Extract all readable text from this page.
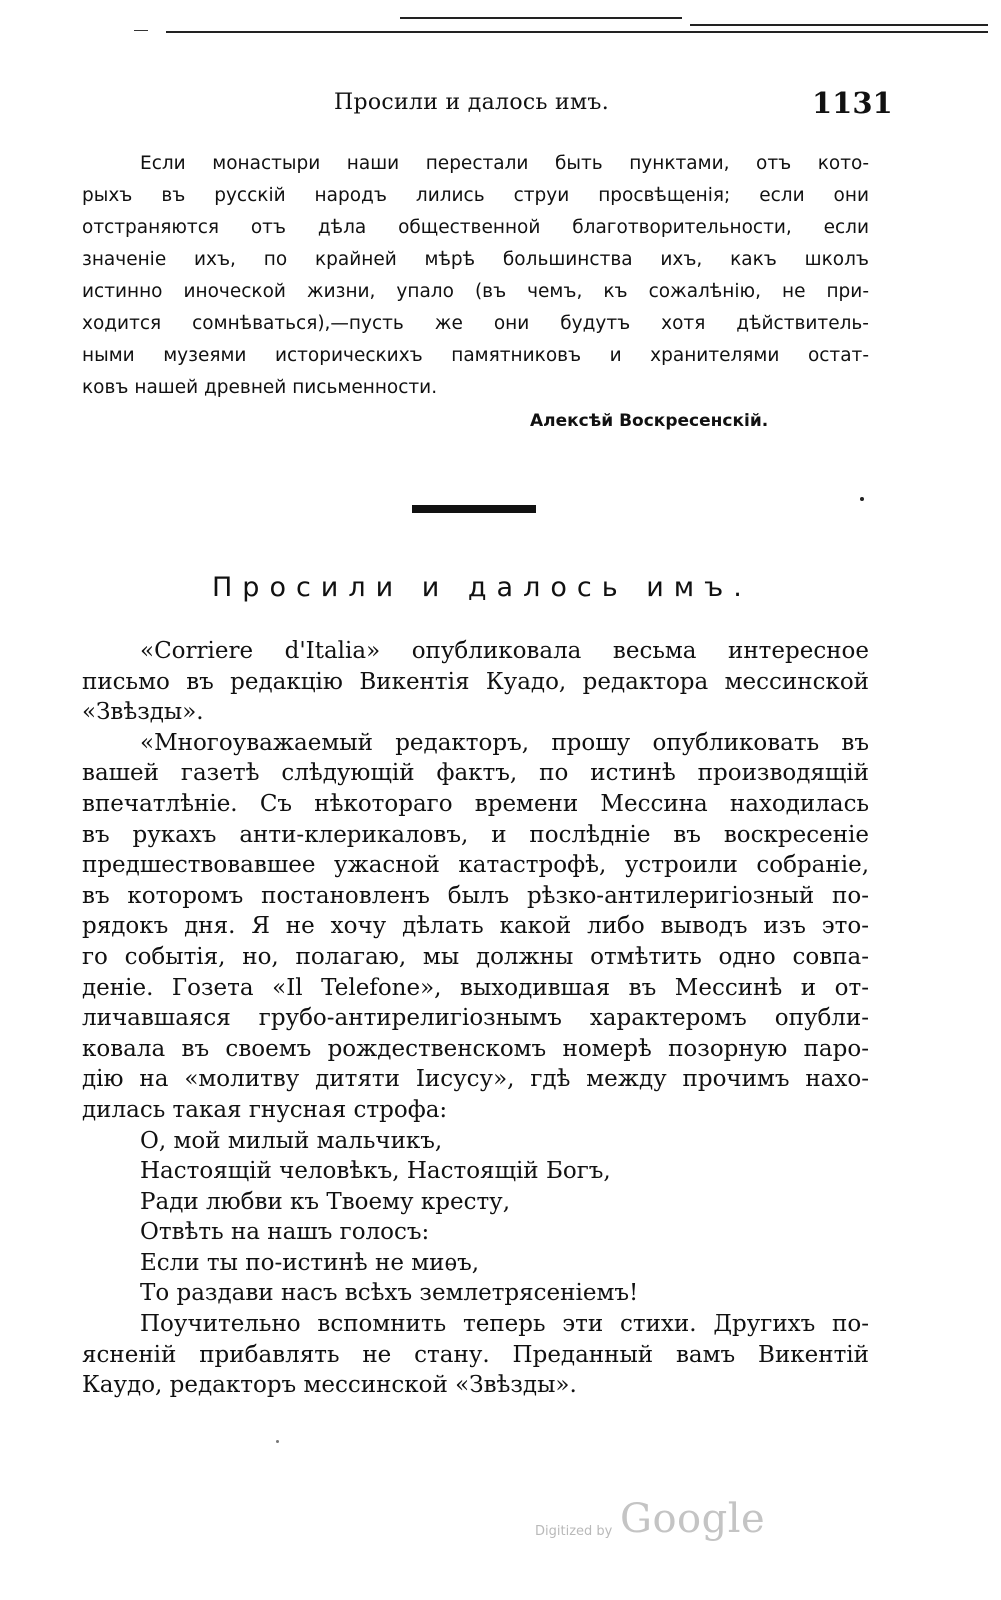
Просили и далось имъ.	1131
Если монастыри наши перестали быть пунктами, отъ кото-
рыхъ въ русскій народъ лились струи просвѣщенія; если они
отстраняются отъ дѣла общественной благотворительности, если
значеніе ихъ, по крайней мѣрѣ большинства ихъ, какъ школъ
истинно иноческой жизни, упало (въ чемъ, къ сожалѣнію, не при-
ходится сомнѣваться),—пусть же они будутъ хотя дѣйствитель-
ными музеями историческихъ памятниковъ и хранителями остат-
ковъ нашей древней письменности.
Алексѣй Воскресенскій.
Просили и далось имъ.
«Corriere d'Italia» опубликовала весьма интересное
письмо въ редакцію Викентія Куадо, редактора мессинской
«Звѣзды».
«Многоуважаемый редакторъ, прошу опубликовать въ
вашей газетѣ слѣдующій фактъ, по истинѣ производящій
впечатлѣніе. Съ нѣкотораго времени Мессина находилась
въ рукахъ анти-клерикаловъ, и послѣдніе въ воскресеніе
предшествовавшее ужасной катастрофѣ, устроили собраніе,
въ которомъ постановленъ былъ рѣзко-антилеригіозный по-
рядокъ дня. Я не хочу дѣлать какой либо выводъ изъ это-
го событія, но, полагаю, мы должны отмѣтить одно совпа-
деніе. Гозета «Il Telefone», выходившая въ Мессинѣ и от-
личавшаяся грубо-антирелигіознымъ характеромъ опубли-
ковала въ своемъ рождественскомъ номерѣ позорную паро-
дію на «молитву дитяти Іисусу», гдѣ между прочимъ нахо-
дилась такая гнусная строфа:
О, мой милый мальчикъ,
Настоящій человѣкъ, Настоящій Богъ,
Ради любви къ Твоему кресту,
Отвѣть на нашъ голосъ:
Если ты по-истинѣ не миѳъ,
То раздави насъ всѣхъ землетрясеніемъ!
Поучительно вспомнить теперь эти стихи. Другихъ по-
ясненій прибавлять не стану. Преданный вамъ Викентій
Каудо, редакторъ мессинской «Звѣзды».
Digitized by Google
